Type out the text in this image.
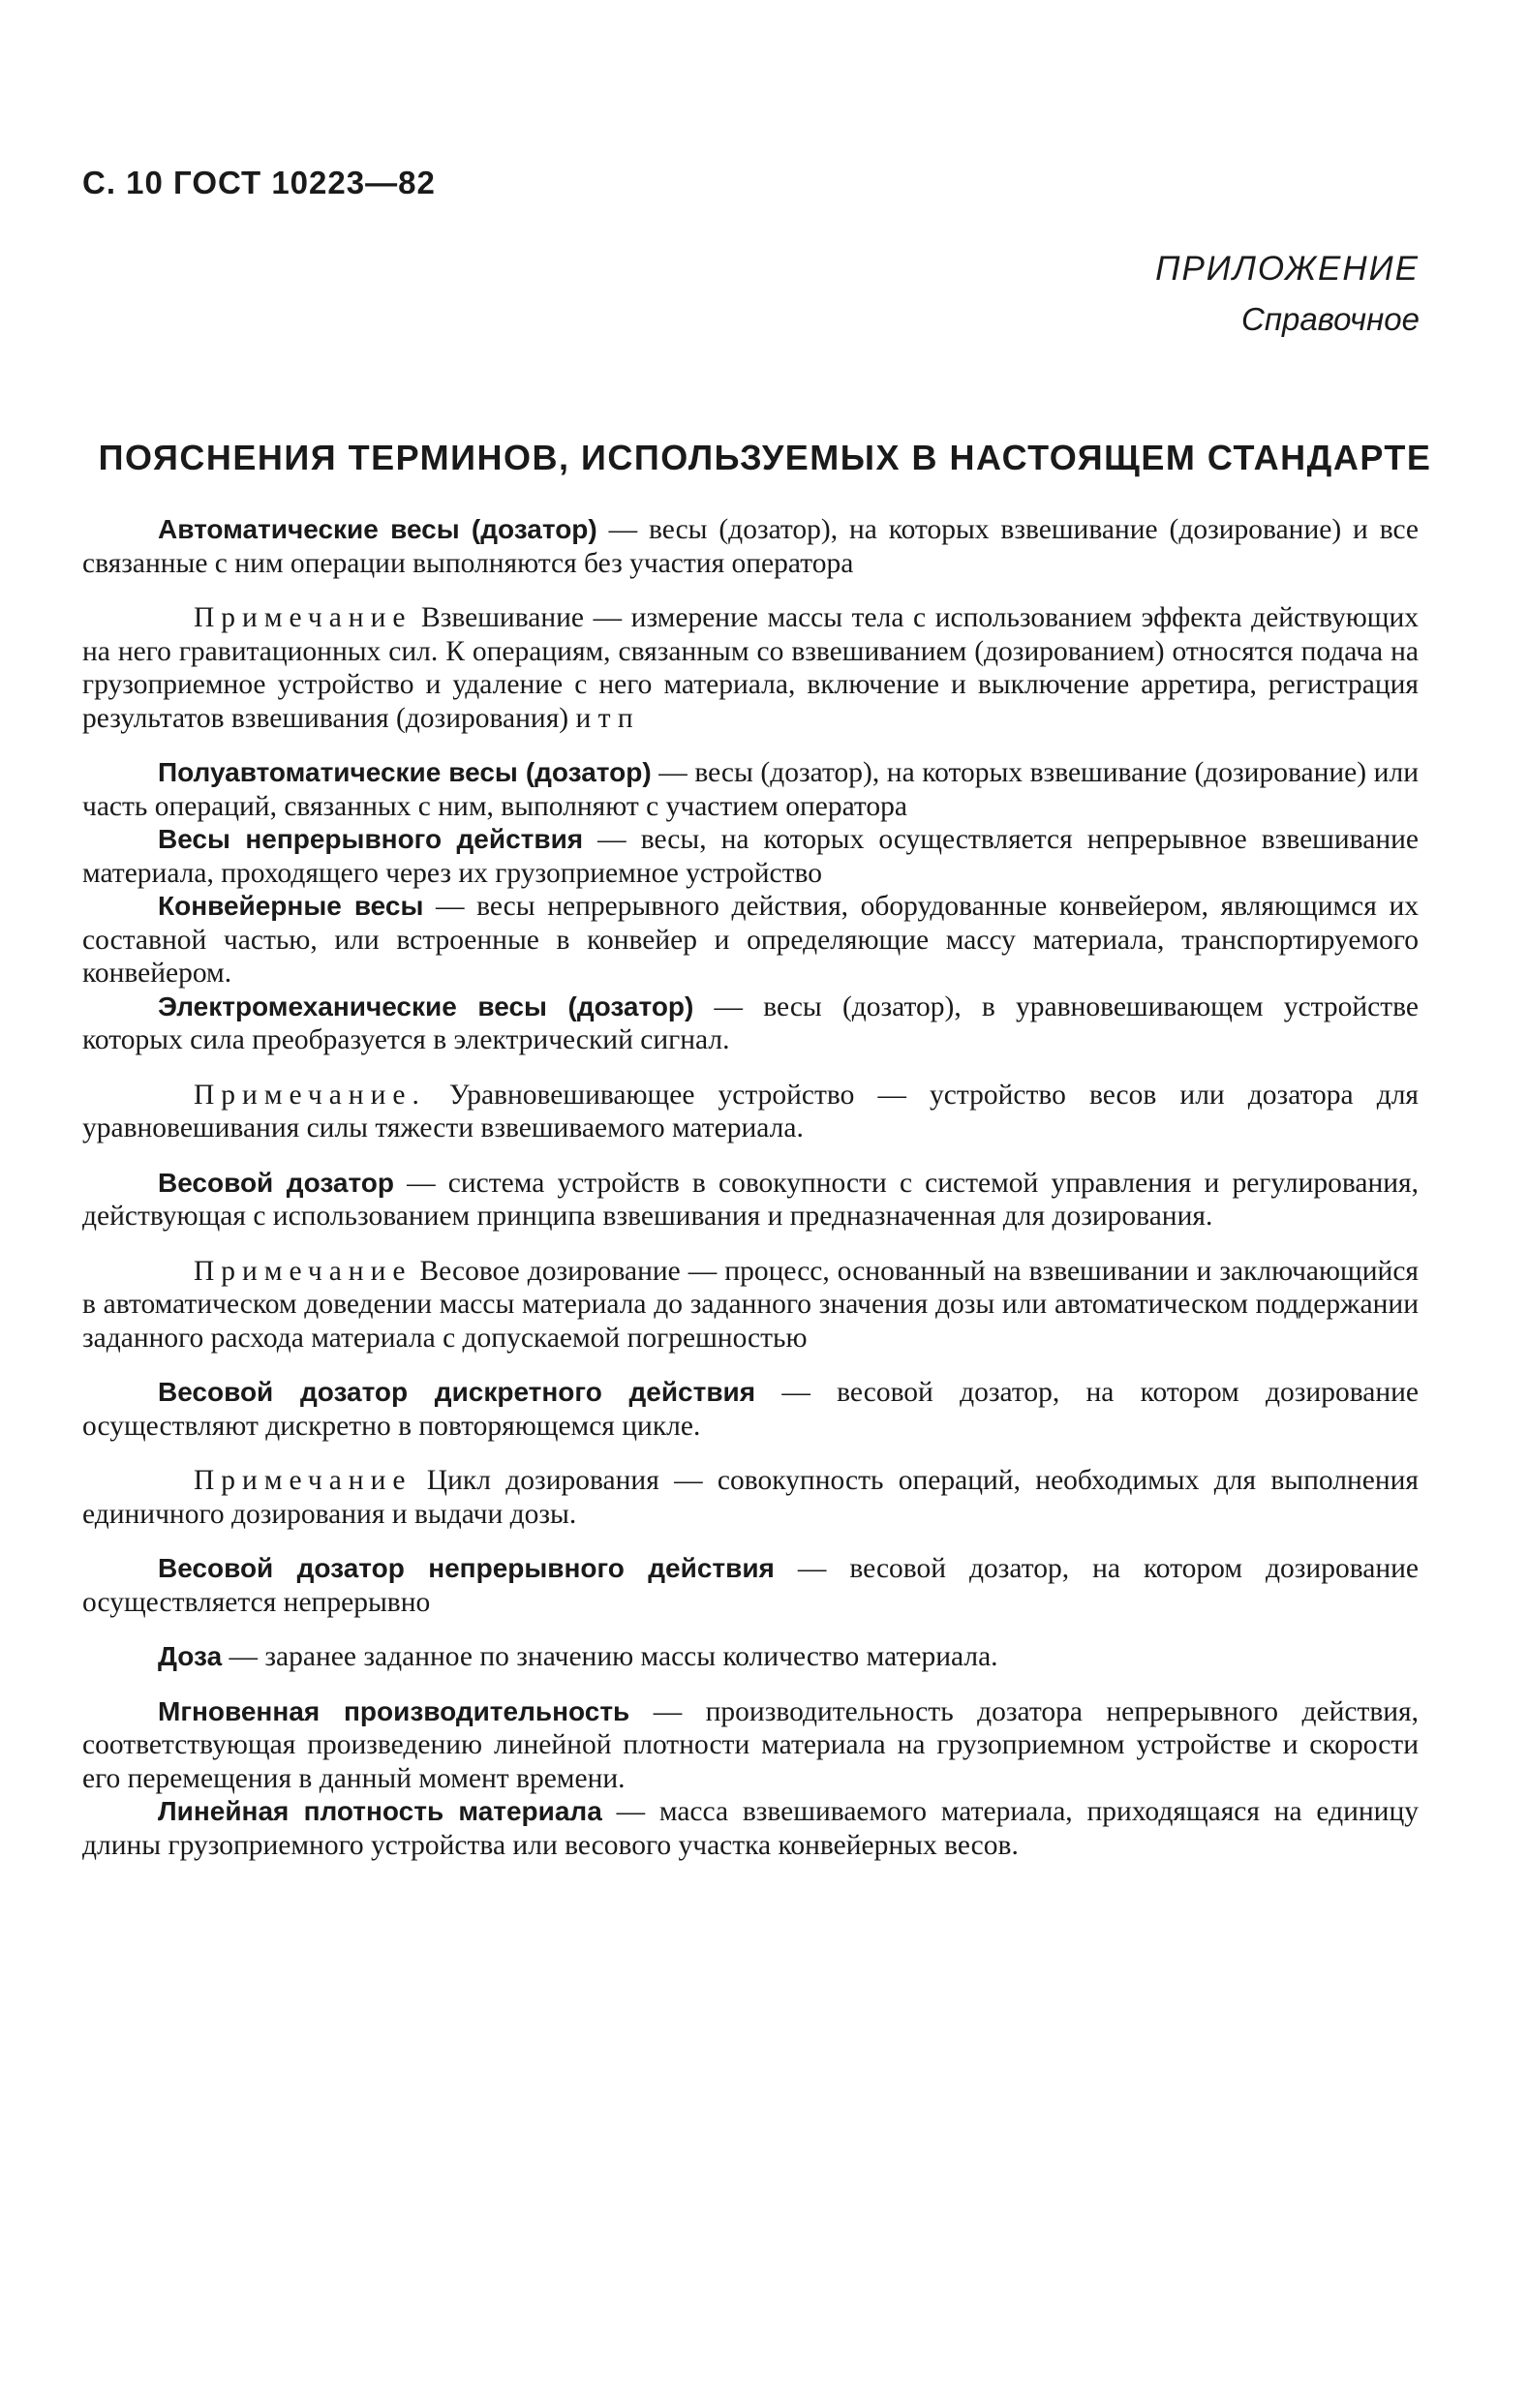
С. 10 ГОСТ 10223—82
ПРИЛОЖЕНИЕ
Справочное
ПОЯСНЕНИЯ ТЕРМИНОВ, ИСПОЛЬЗУЕМЫХ В НАСТОЯЩЕМ СТАНДАРТЕ

Автоматические весы (дозатор) — весы (дозатор), на которых взвешивание (дозирование) и все связанные с ним операции выполняются без участия оператора

Примечание Взвешивание — измерение массы тела с использованием эффекта действующих на него гравитационных сил. К операциям, связанным со взвешиванием (дозированием) относятся подача на грузоприемное устройство и удаление с него материала, включение и выключение арретира, регистрация результатов взвешивания (дозирования) и т п

Полуавтоматические весы (дозатор) — весы (дозатор), на которых взвешивание (дозирование) или часть операций, связанных с ним, выполняют с участием оператора

Весы непрерывного действия — весы, на которых осуществляется непрерывное взвешивание материала, проходящего через их грузоприемное устройство

Конвейерные весы — весы непрерывного действия, оборудованные конвейером, являющимся их составной частью, или встроенные в конвейер и определяющие массу материала, транспортируемого конвейером.

Электромеханические весы (дозатор) — весы (дозатор), в уравновешивающем устройстве которых сила преобразуется в электрический сигнал.

Примечание. Уравновешивающее устройство — устройство весов или дозатора для уравновешивания силы тяжести взвешиваемого материала.

Весовой дозатор — система устройств в совокупности с системой управления и регулирования, действующая с использованием принципа взвешивания и предназначенная для дозирования.

Примечание Весовое дозирование — процесс, основанный на взвешивании и заключающийся в автоматическом доведении массы материала до заданного значения дозы или автоматическом поддержании заданного расхода материала с допускаемой погрешностью

Весовой дозатор дискретного действия — весовой дозатор, на котором дозирование осуществляют дискретно в повторяющемся цикле.

Примечание Цикл дозирования — совокупность операций, необходимых для выполнения единичного дозирования и выдачи дозы.

Весовой дозатор непрерывного действия — весовой дозатор, на котором дозирование осуществляется непрерывно

Доза — заранее заданное по значению массы количество материала.

Мгновенная производительность — производительность дозатора непрерывного действия, соответствующая произведению линейной плотности материала на грузоприемном устройстве и скорости его перемещения в данный момент времени.

Линейная плотность материала — масса взвешиваемого материала, приходящаяся на единицу длины грузоприемного устройства или весового участка конвейерных весов.
